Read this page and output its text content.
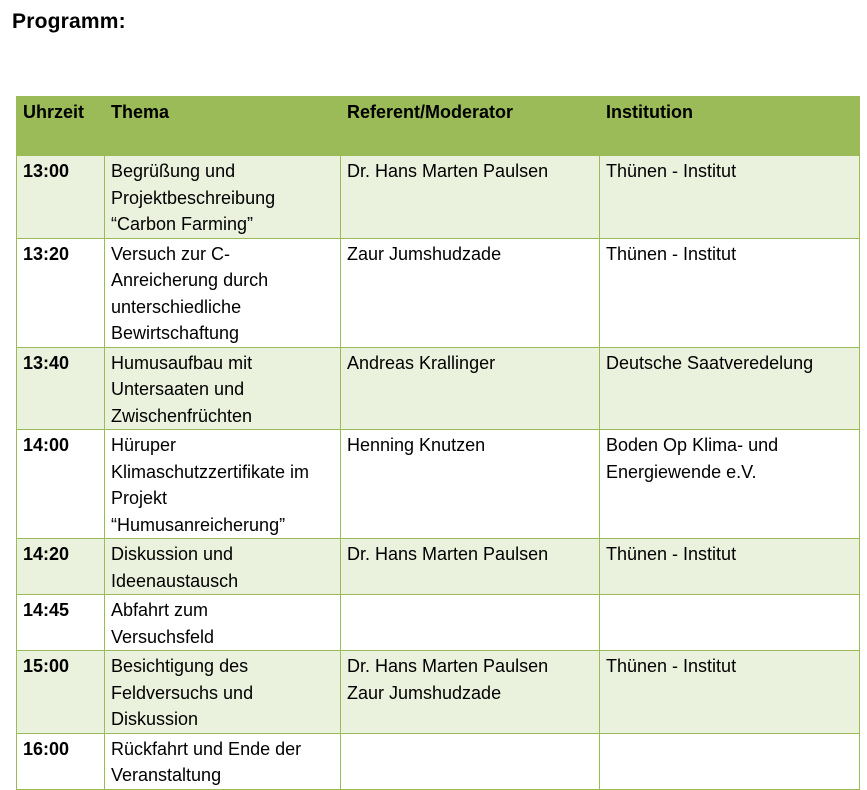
Programm:
Uhrzeit	Thema	Referent/Moderator	Institution
13:00	Begrüßung und
Projektbeschreibung
“Carbon Farming”	Dr. Hans Marten Paulsen	Thünen - Institut
13:20	Versuch zur C-
Anreicherung durch
unterschiedliche
Bewirtschaftung	Zaur Jumshudzade	Thünen - Institut
13:40	Humusaufbau mit
Untersaaten und
Zwischenfrüchten	Andreas Krallinger	Deutsche Saatveredelung
14:00	Hüruper
Klimaschutzzertifikate im
Projekt
“Humusanreicherung”	Henning Knutzen	Boden Op Klima- und
Energiewende e.V.
14:20	Diskussion und
Ideenaustausch	Dr. Hans Marten Paulsen	Thünen - Institut
14:45	Abfahrt zum
Versuchsfeld		
15:00	Besichtigung des
Feldversuchs und
Diskussion	Dr. Hans Marten Paulsen
Zaur Jumshudzade	Thünen - Institut
16:00	Rückfahrt und Ende der
Veranstaltung		
